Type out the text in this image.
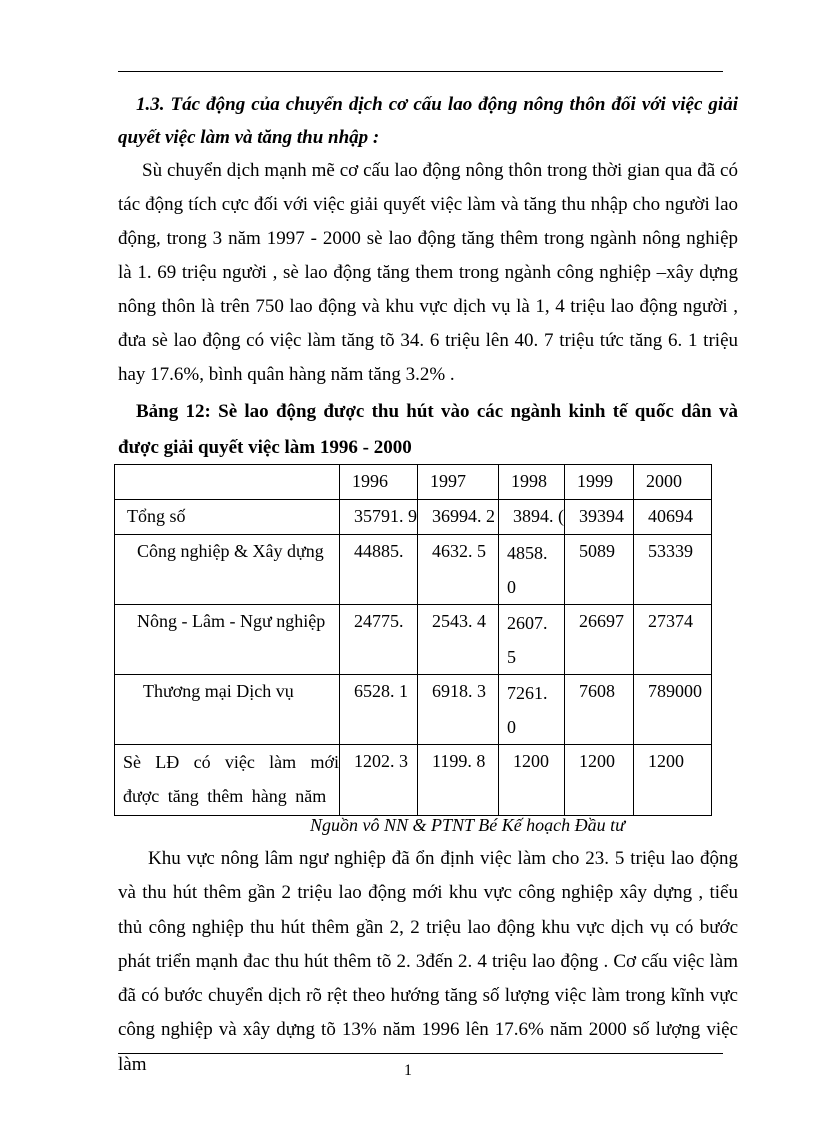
1.3. Tác động của chuyển dịch cơ cấu lao động nông thôn đối với việc giải quyết việc làm và tăng thu nhập :
Sù chuyển dịch mạnh mẽ cơ cấu lao động nông thôn trong thời gian qua đã có tác động tích cực đối với việc giải quyết việc làm và tăng thu nhập cho người lao động, trong 3 năm 1997 - 2000 sè lao động tăng thêm trong ngành nông nghiệp là 1. 69 triệu người , sè lao động tăng them trong ngành công nghiệp –xây dựng nông thôn là trên 750 lao động và khu vực dịch vụ là 1, 4 triệu lao động người , đưa sè lao động có việc làm tăng tõ 34. 6 triệu lên 40. 7 triệu tức tăng 6. 1 triệu hay 17.6%, bình quân hàng năm tăng 3.2% .
Bảng 12: Sè lao động được thu hút vào các ngành kinh tế quốc dân và được giải quyết việc làm 1996 - 2000

	1996	1997	1998	1999	2000

Tổng số	35791. 9	36994. 2	3894. (	39394	40694

Công nghiệp & Xây dựng	44885.	4632. 5	4858. 0	5089	53339

Nông - Lâm - Ngư nghiệp	24775.	2543. 4	2607. 5	26697	27374

Thương mại Dịch vụ	6528. 1	6918. 3	7261. 0	7608	789000

Sè LĐ có việc làm mới được tăng thêm hàng năm	1202. 3	1199. 8	1200	1200	1200
Nguồn vô NN & PTNT Bé Kế hoạch Đầu tư
Khu vực nông lâm ngư nghiệp đã ổn định việc làm cho 23. 5 triệu lao động và thu hút thêm gần 2 triệu lao động mới khu vực công nghiệp xây dựng , tiểu thủ công nghiệp thu hút thêm gần 2, 2 triệu lao động khu vực dịch vụ có bước phát triển mạnh đac thu hút thêm tõ 2. 3đến 2. 4 triệu lao động . Cơ cấu việc làm đã có bước chuyển dịch rõ rệt theo hướng tăng số lượng việc làm trong kĩnh vực công nghiệp và xây dựng tõ 13% năm 1996 lên 17.6% năm 2000 số lượng việc làm	1
